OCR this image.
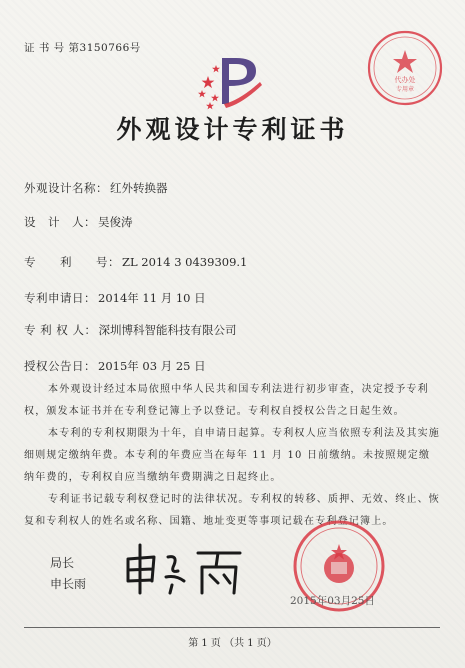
证 书 号 第3150766号
代办处
专用章
外观设计专利证书
外观设计名称： 红外转换器
设　计　人： 吴俊涛
专　　利　　号： ZL 2014 3 0439309.1
专利申请日： 2014年 11 月 10 日
专 利 权 人： 深圳博科智能科技有限公司
授权公告日： 2015年 03 月 25 日

本外观设计经过本局依照中华人民共和国专利法进行初步审查，决定授予专利权，颁发本证书并在专利登记簿上予以登记。专利权自授权公告之日起生效。

本专利的专利权期限为十年，自申请日起算。专利权人应当依照专利法及其实施细则规定缴纳年费。本专利的年费应当在每年 11 月 10 日前缴纳。未按照规定缴纳年费的，专利权自应当缴纳年费期满之日起终止。

专利证书记载专利权登记时的法律状况。专利权的转移、质押、无效、终止、恢复和专利权人的姓名或名称、国籍、地址变更等事项记载在专利登记簿上。

局长
申长雨
2015年03月25日
第 1 页 （共 1 页）
